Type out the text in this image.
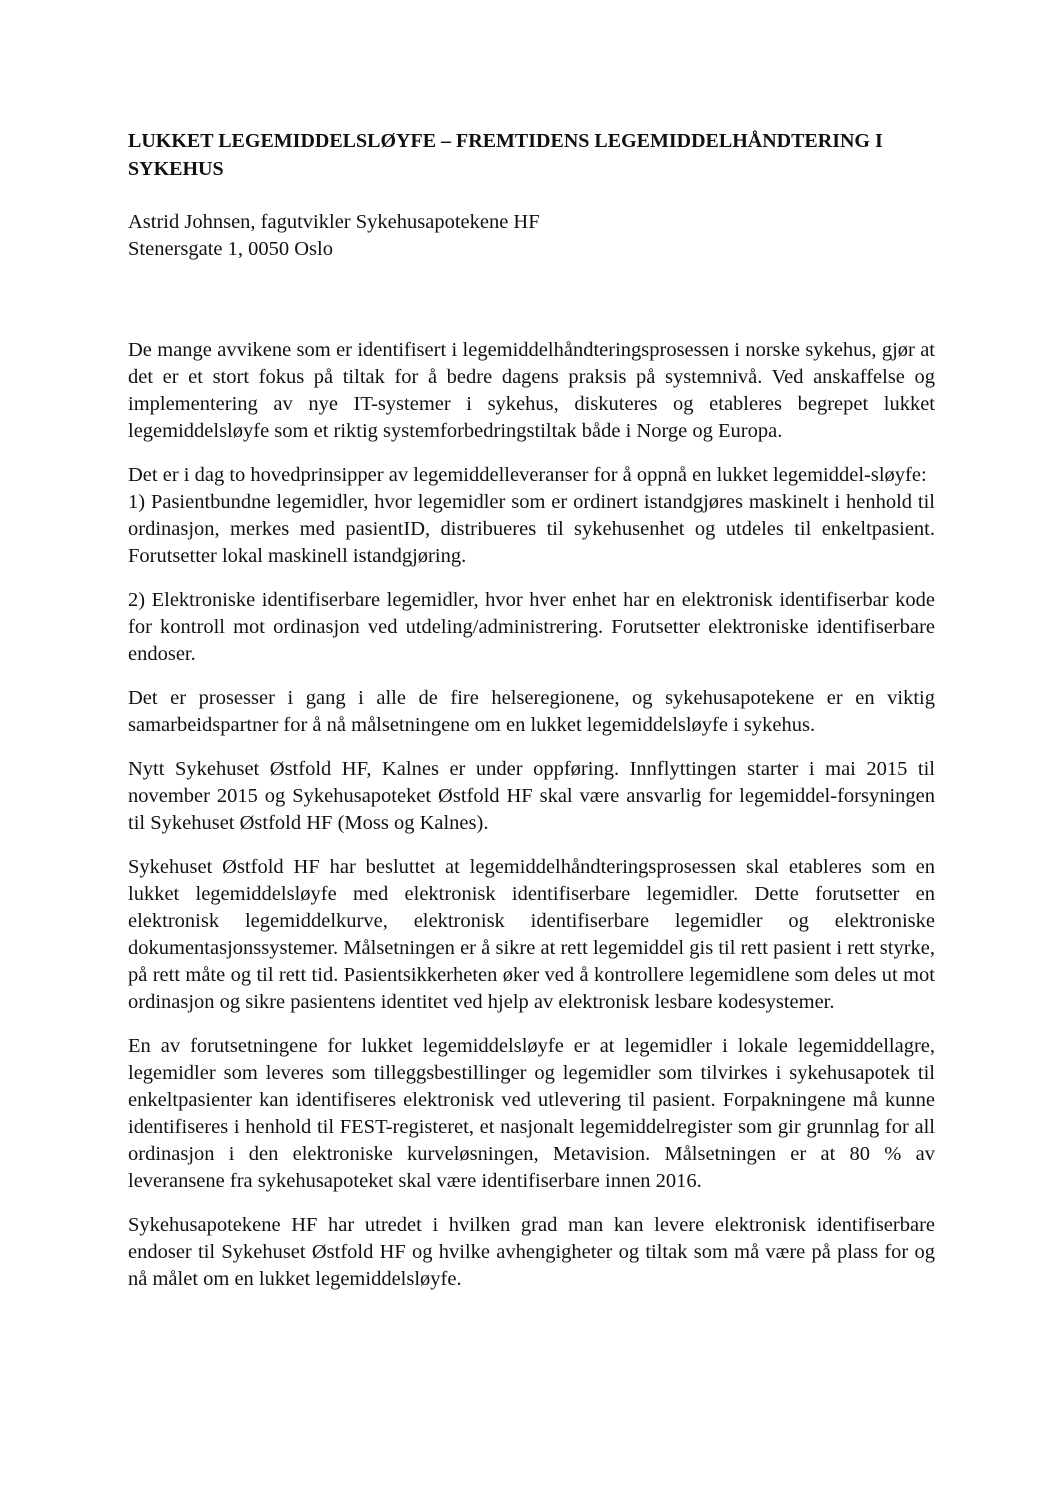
LUKKET LEGEMIDDELSLØYFE – FREMTIDENS LEGEMIDDELHÅNDTERING I SYKEHUS
Astrid Johnsen, fagutvikler Sykehusapotekene HF
Stenersgate 1, 0050 Oslo

De mange avvikene som er identifisert i legemiddelhåndteringsprosessen i norske sykehus, gjør at det er et stort fokus på tiltak for å bedre dagens praksis på systemnivå. Ved anskaffelse og implementering av nye IT-systemer i sykehus, diskuteres og etableres begrepet lukket legemiddelsløyfe som et riktig systemforbedringstiltak både i Norge og Europa.

Det er i dag to hovedprinsipper av legemiddelleveranser for å oppnå en lukket legemiddel-sløyfe:

1) Pasientbundne legemidler, hvor legemidler som er ordinert istandgjøres maskinelt i henhold til ordinasjon, merkes med pasientID, distribueres til sykehusenhet og utdeles til enkeltpasient. Forutsetter lokal maskinell istandgjøring.

2) Elektroniske identifiserbare legemidler, hvor hver enhet har en elektronisk identifiserbar kode for kontroll mot ordinasjon ved utdeling/administrering. Forutsetter elektroniske identifiserbare endoser.

Det er prosesser i gang i alle de fire helseregionene, og sykehusapotekene er en viktig samarbeidspartner for å nå målsetningene om en lukket legemiddelsløyfe i sykehus.

Nytt Sykehuset Østfold HF, Kalnes er under oppføring. Innflyttingen starter i mai 2015 til november 2015 og Sykehusapoteket Østfold HF skal være ansvarlig for legemiddel-forsyningen til Sykehuset Østfold HF (Moss og Kalnes).

Sykehuset Østfold HF har besluttet at legemiddelhåndteringsprosessen skal etableres som en lukket legemiddelsløyfe med elektronisk identifiserbare legemidler. Dette forutsetter en elektronisk legemiddelkurve, elektronisk identifiserbare legemidler og elektroniske dokumentasjonssystemer. Målsetningen er å sikre at rett legemiddel gis til rett pasient i rett styrke, på rett måte og til rett tid. Pasientsikkerheten øker ved å kontrollere legemidlene som deles ut mot ordinasjon og sikre pasientens identitet ved hjelp av elektronisk lesbare kodesystemer.

En av forutsetningene for lukket legemiddelsløyfe er at legemidler i lokale legemiddellagre, legemidler som leveres som tilleggsbestillinger og legemidler som tilvirkes i sykehusapotek til enkeltpasienter kan identifiseres elektronisk ved utlevering til pasient. Forpakningene må kunne identifiseres i henhold til FEST-registeret, et nasjonalt legemiddelregister som gir grunnlag for all ordinasjon i den elektroniske kurveløsningen, Metavision. Målsetningen er at 80 % av leveransene fra sykehusapoteket skal være identifiserbare innen 2016.

Sykehusapotekene HF har utredet i hvilken grad man kan levere elektronisk identifiserbare endoser til Sykehuset Østfold HF og hvilke avhengigheter og tiltak som må være på plass for og nå målet om en lukket legemiddelsløyfe.
